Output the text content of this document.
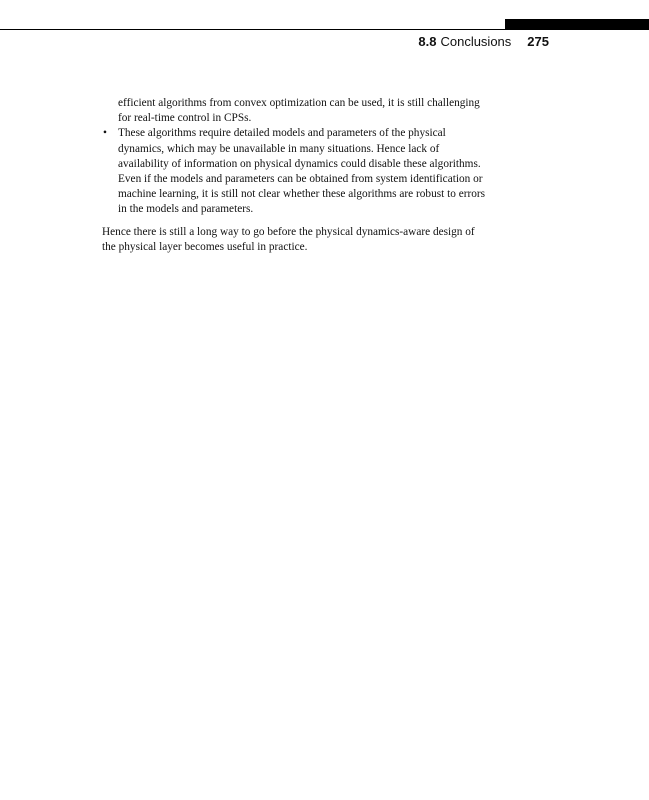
8.8 Conclusions 275

efficient algorithms from convex optimization can be used, it is still challenging
for real-time control in CPSs.

• These algorithms require detailed models and parameters of the physical
dynamics, which may be unavailable in many situations. Hence lack of
availability of information on physical dynamics could disable these algorithms.
Even if the models and parameters can be obtained from system identification or
machine learning, it is still not clear whether these algorithms are robust to errors
in the models and parameters.

Hence there is still a long way to go before the physical dynamics-aware design of
the physical layer becomes useful in practice.
